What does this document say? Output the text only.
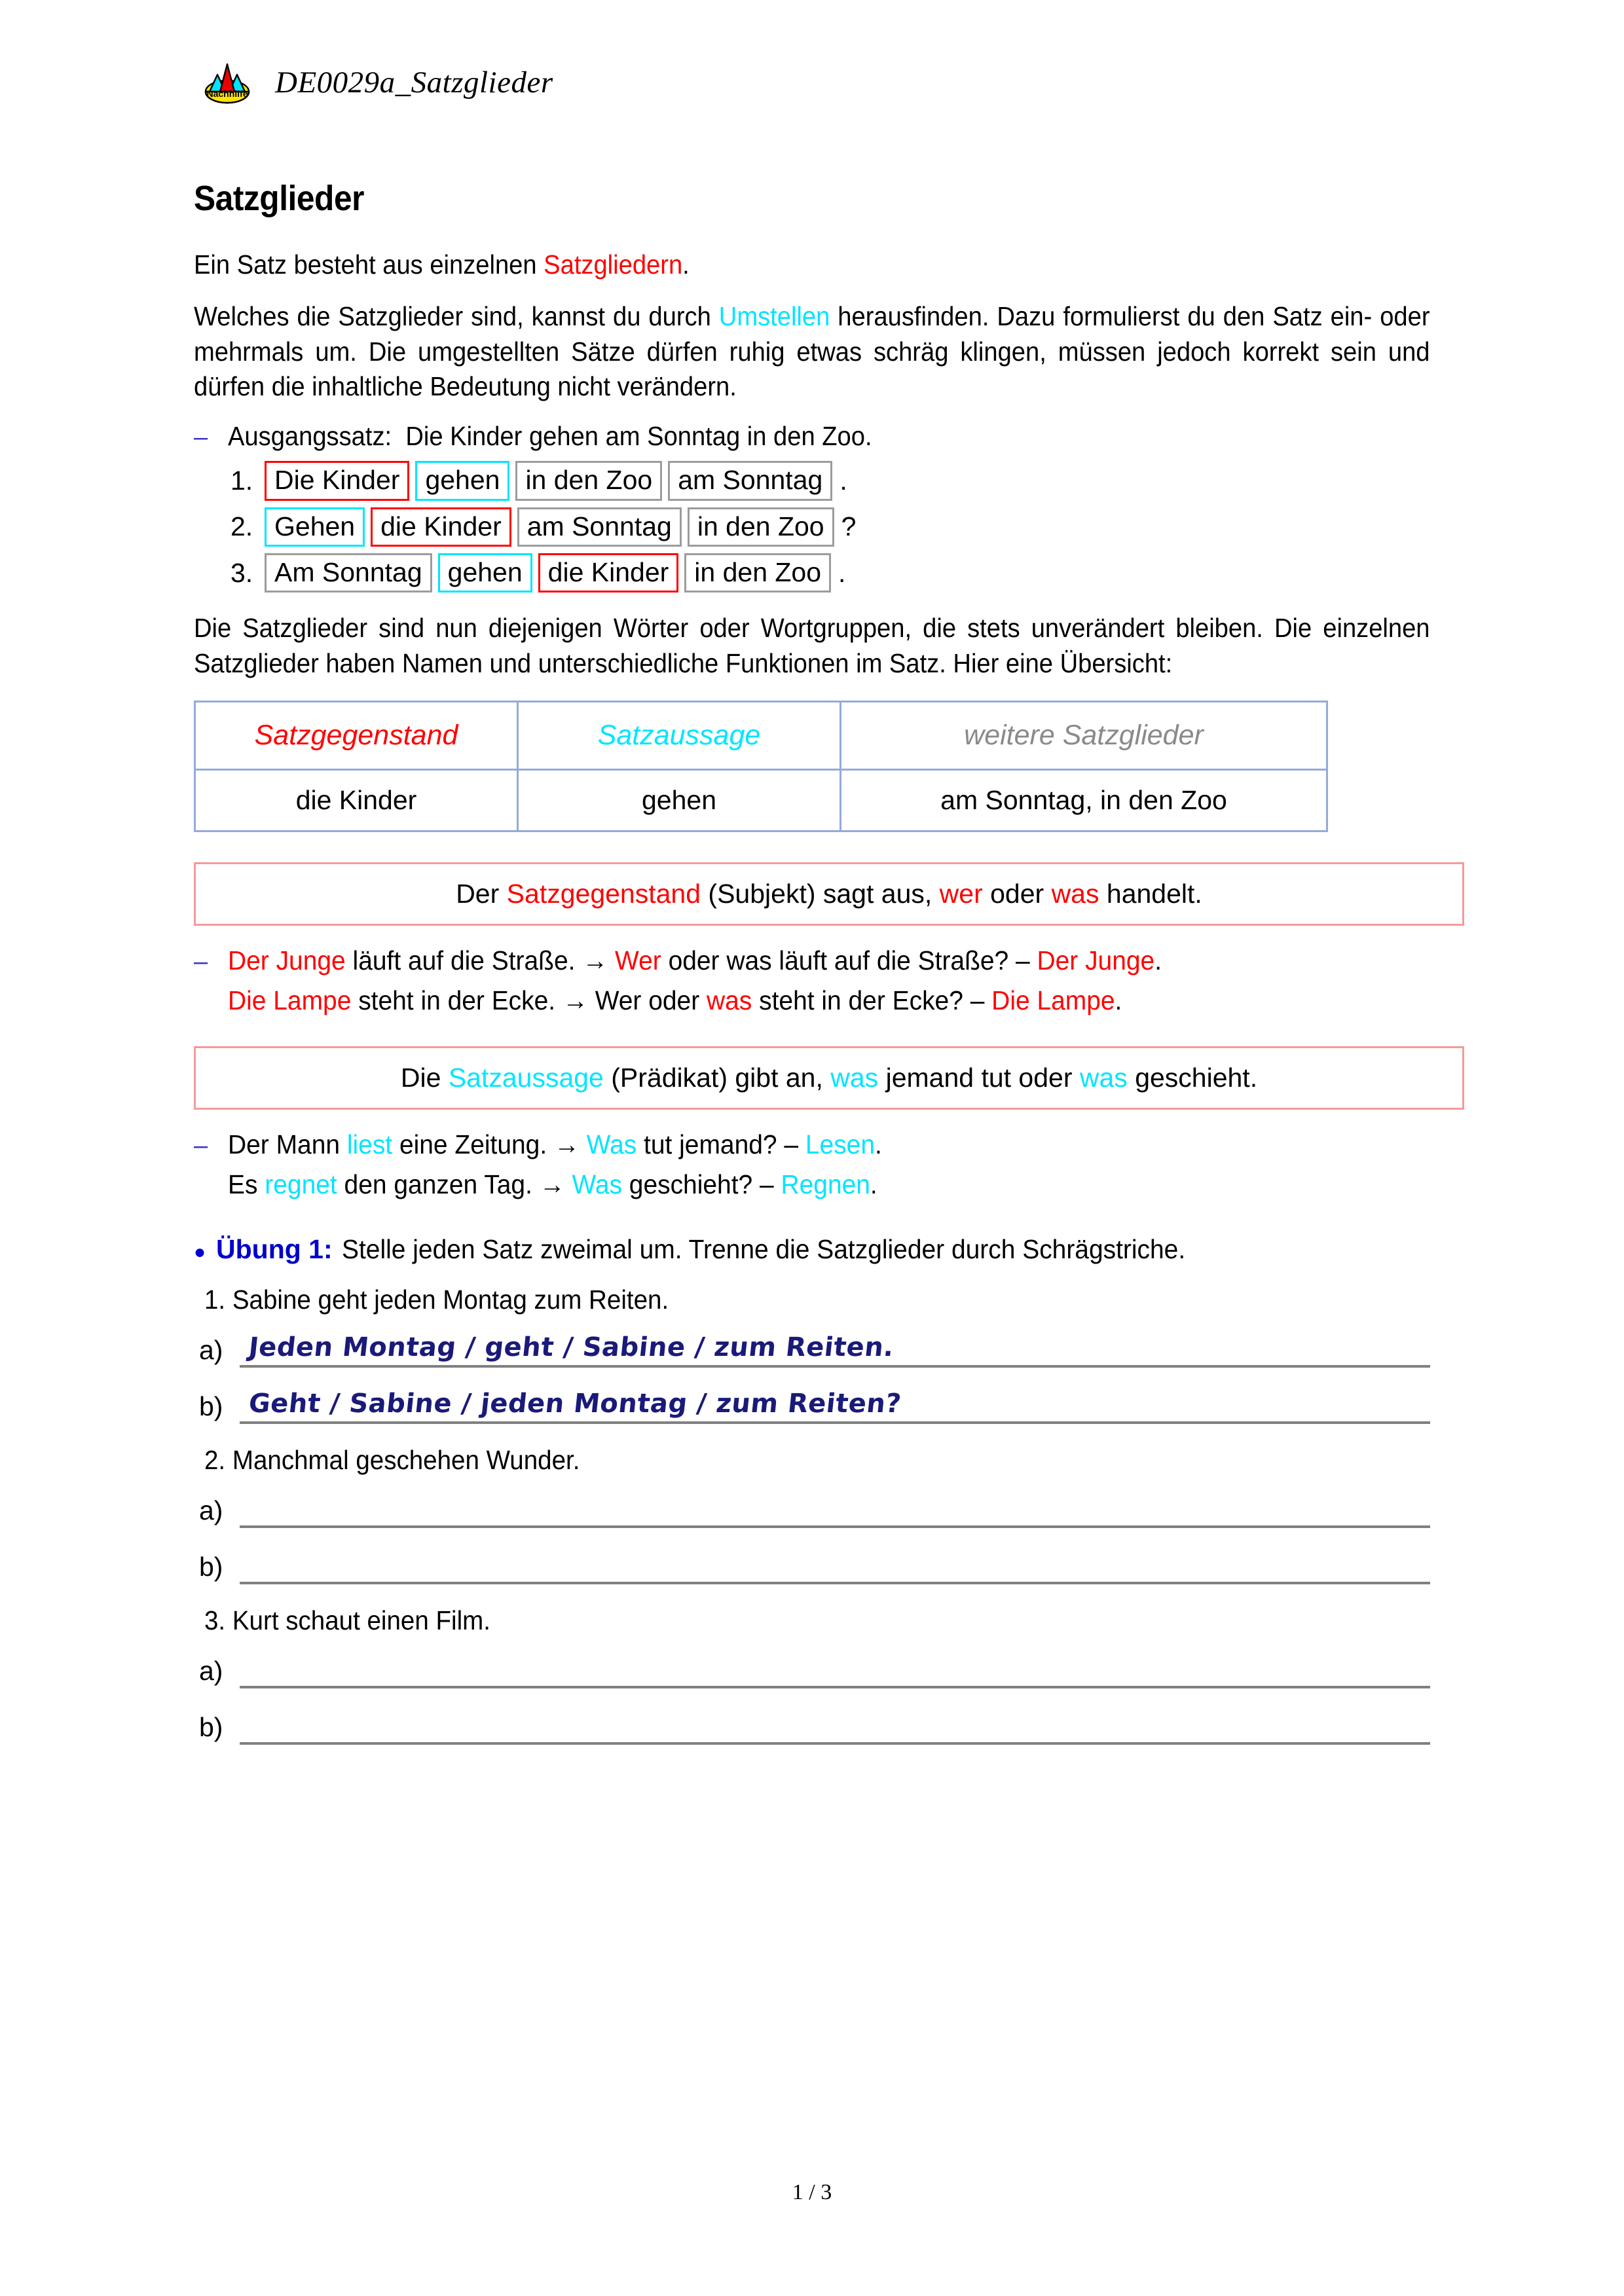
Nachhilfe DE0029a_Satzglieder
Satzglieder

Ein Satz besteht aus einzelnen Satzgliedern.

Welches die Satzglieder sind, kannst du durch Umstellen herausfinden. Dazu formulierst du den Satz ein- oder mehrmals um. Die umgestellten Sätze dürfen ruhig etwas schräg klingen, müssen jedoch korrekt sein und dürfen die inhaltliche Bedeutung nicht verändern.

– Ausgangssatz: Die Kinder gehen am Sonntag in den Zoo.
1. Die Kinder gehen in den Zoo am Sonntag .
2. Gehen die Kinder am Sonntag in den Zoo ?
3. Am Sonntag gehen die Kinder in den Zoo .

Die Satzglieder sind nun diejenigen Wörter oder Wortgruppen, die stets unverändert bleiben. Die einzelnen Satzglieder haben Namen und unterschiedliche Funktionen im Satz. Hier eine Übersicht:

Satzgegenstand	Satzaussage	weitere Satzglieder
die Kinder	gehen	am Sonntag, in den Zoo
Der Satzgegenstand (Subjekt) sagt aus, wer oder was handelt.
– Der Junge läuft auf die Straße. → Wer oder was läuft auf die Straße? – Der Junge.
Die Lampe steht in der Ecke. → Wer oder was steht in der Ecke? – Die Lampe.
Die Satzaussage (Prädikat) gibt an, was jemand tut oder was geschieht.
– Der Mann liest eine Zeitung. → Was tut jemand? – Lesen.
Es regnet den ganzen Tag. → Was geschieht? – Regnen.
● Übung 1: Stelle jeden Satz zweimal um. Trenne die Satzglieder durch Schrägstriche.
1. Sabine geht jeden Montag zum Reiten.
a) Jeden Montag / geht / Sabine / zum Reiten.
b) Geht / Sabine / jeden Montag / zum Reiten?
2. Manchmal geschehen Wunder.
a)
b)
3. Kurt schaut einen Film.
a)
b)
1 / 3
